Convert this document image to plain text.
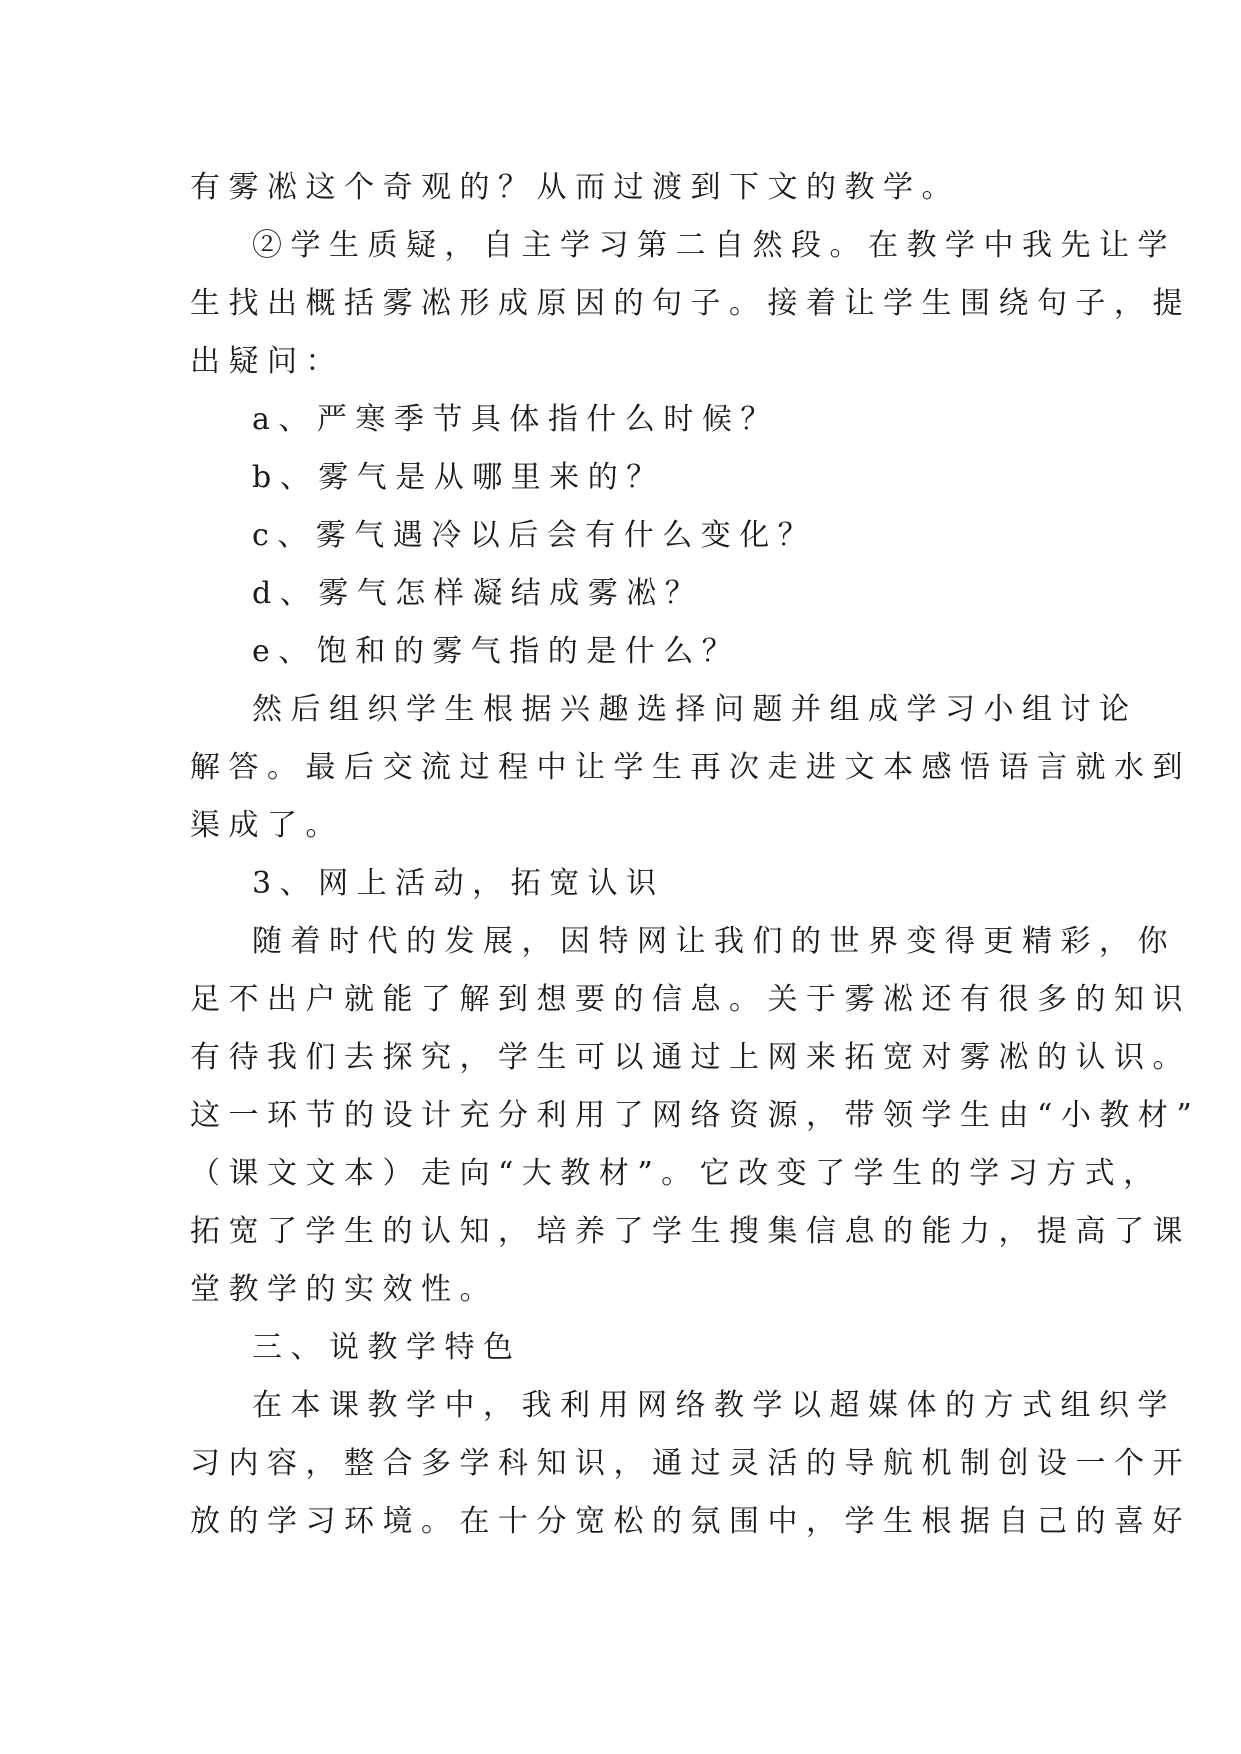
有雾凇这个奇观的？从而过渡到下文的教学。
②学生质疑，自主学习第二自然段。在教学中我先让学
生找出概括雾凇形成原因的句子。接着让学生围绕句子，提
出疑问：
a、严寒季节具体指什么时候？
b、雾气是从哪里来的？
c、雾气遇冷以后会有什么变化？
d、雾气怎样凝结成雾凇？
e、饱和的雾气指的是什么？
然后组织学生根据兴趣选择问题并组成学习小组讨论
解答。最后交流过程中让学生再次走进文本感悟语言就水到
渠成了。
3、网上活动，拓宽认识
随着时代的发展，因特网让我们的世界变得更精彩，你
足不出户就能了解到想要的信息。关于雾凇还有很多的知识
有待我们去探究，学生可以通过上网来拓宽对雾凇的认识。
这一环节的设计充分利用了网络资源，带领学生由“小教材”
（课文文本）走向“大教材”。它改变了学生的学习方式，
拓宽了学生的认知，培养了学生搜集信息的能力，提高了课
堂教学的实效性。
三、说教学特色
在本课教学中，我利用网络教学以超媒体的方式组织学
习内容，整合多学科知识，通过灵活的导航机制创设一个开
放的学习环境。在十分宽松的氛围中，学生根据自己的喜好
